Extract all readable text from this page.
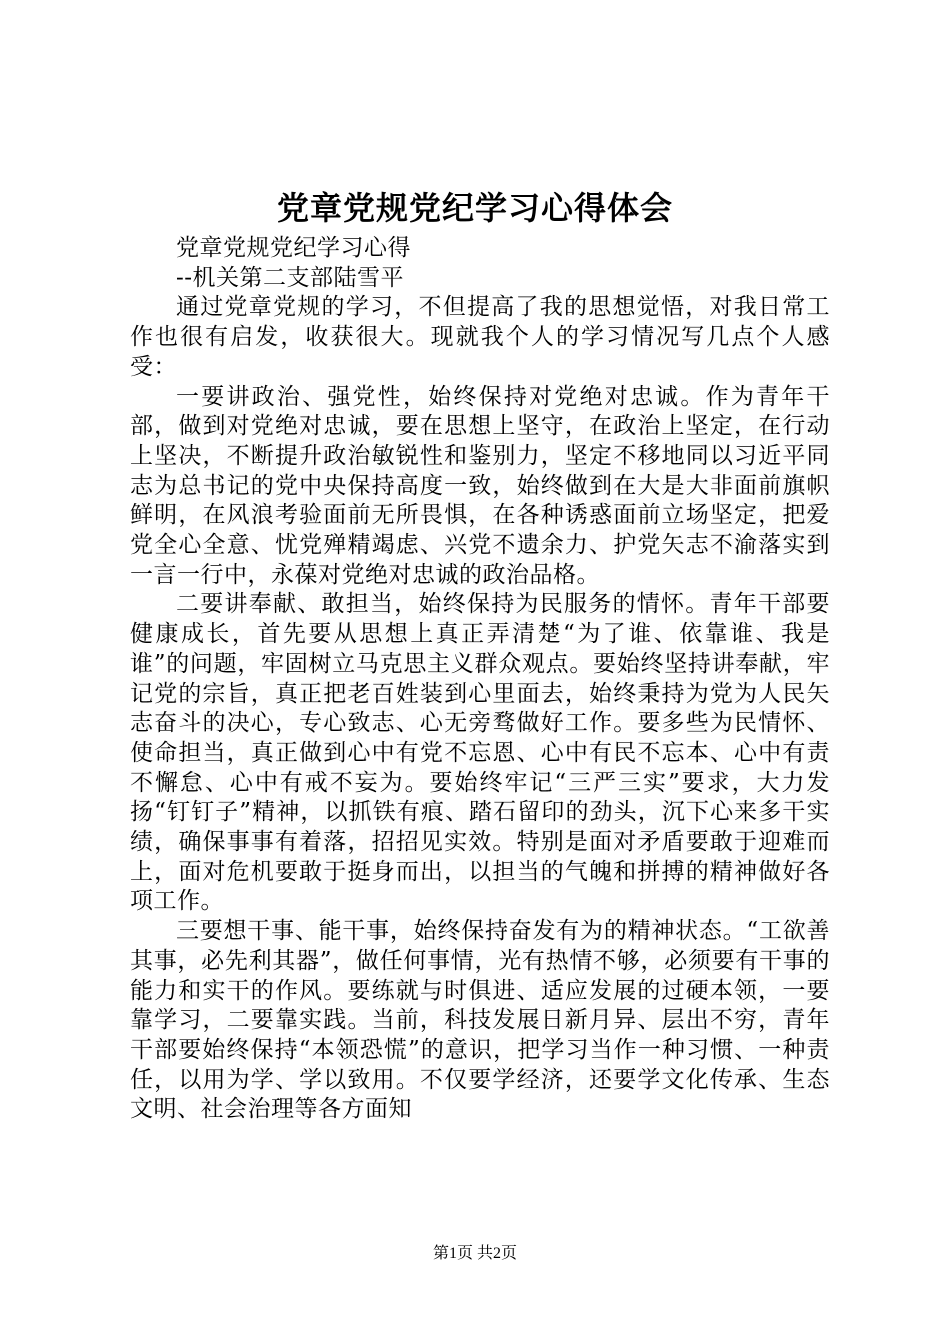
党章党规党纪学习心得体会

党章党规党纪学习心得

--机关第二支部陆雪平

通过党章党规的学习，不但提高了我的思想觉悟，对我日常工作也很有启发，收获很大。现就我个人的学习情况写几点个人感受：

一要讲政治、强党性，始终保持对党绝对忠诚。作为青年干部，做到对党绝对忠诚，要在思想上坚守，在政治上坚定，在行动上坚决，不断提升政治敏锐性和鉴别力，坚定不移地同以习近平同志为总书记的党中央保持高度一致，始终做到在大是大非面前旗帜鲜明，在风浪考验面前无所畏惧，在各种诱惑面前立场坚定，把爱党全心全意、忧党殚精竭虑、兴党不遗余力、护党矢志不渝落实到一言一行中，永葆对党绝对忠诚的政治品格。

二要讲奉献、敢担当，始终保持为民服务的情怀。青年干部要健康成长，首先要从思想上真正弄清楚“为了谁、依靠谁、我是谁”的问题，牢固树立马克思主义群众观点。要始终坚持讲奉献，牢记党的宗旨，真正把老百姓装到心里面去，始终秉持为党为人民矢志奋斗的决心，专心致志、心无旁骛做好工作。要多些为民情怀、使命担当，真正做到心中有党不忘恩、心中有民不忘本、心中有责不懈怠、心中有戒不妄为。要始终牢记“三严三实”要求，大力发扬“钉钉子”精神，以抓铁有痕、踏石留印的劲头，沉下心来多干实绩，确保事事有着落，招招见实效。特别是面对矛盾要敢于迎难而上，面对危机要敢于挺身而出，以担当的气魄和拼搏的精神做好各项工作。

三要想干事、能干事，始终保持奋发有为的精神状态。“工欲善其事，必先利其器”，做任何事情，光有热情不够，必须要有干事的能力和实干的作风。要练就与时俱进、适应发展的过硬本领，一要靠学习，二要靠实践。当前，科技发展日新月异、层出不穷，青年干部要始终保持“本领恐慌”的意识，把学习当作一种习惯、一种责任，以用为学、学以致用。不仅要学经济，还要学文化传承、生态文明、社会治理等各方面知

第1页 共2页
